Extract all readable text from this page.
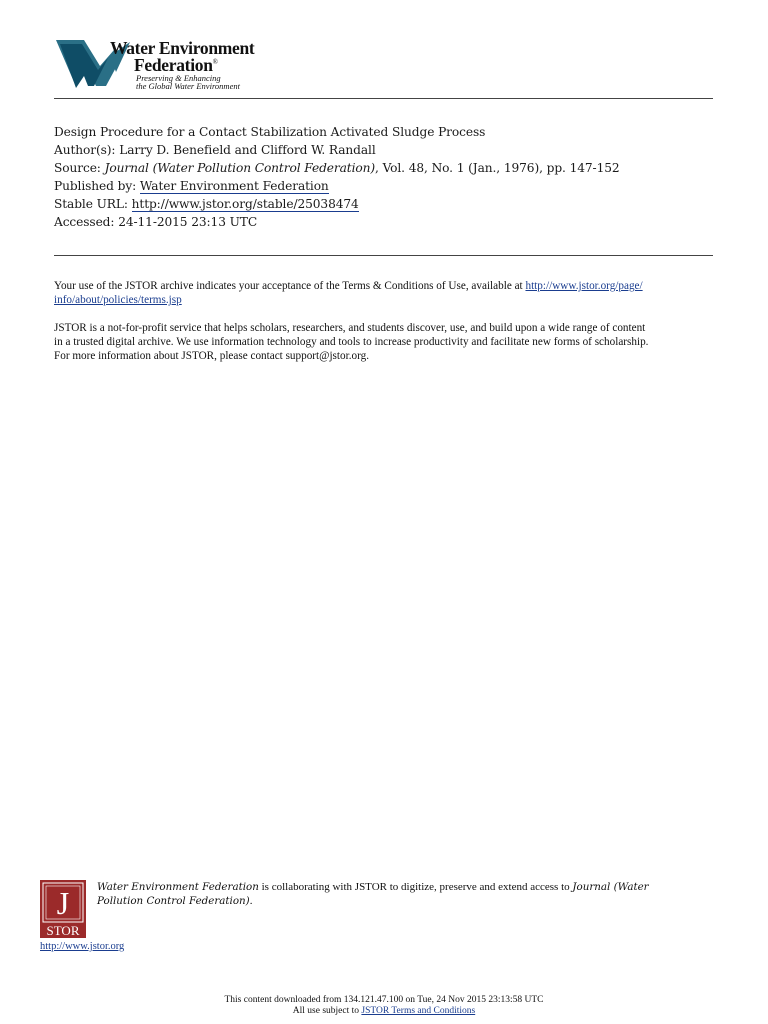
Water Environment
Federation®
Preserving & Enhancing
the Global Water Environment
Design Procedure for a Contact Stabilization Activated Sludge Process
Author(s): Larry D. Benefield and Clifford W. Randall
Source: Journal (Water Pollution Control Federation), Vol. 48, No. 1 (Jan., 1976), pp. 147-152
Published by: Water Environment Federation
Stable URL: http://www.jstor.org/stable/25038474
Accessed: 24-11-2015 23:13 UTC
Your use of the JSTOR archive indicates your acceptance of the Terms & Conditions of Use, available at http://www.jstor.org/page/
info/about/policies/terms.jsp
JSTOR is a not-for-profit service that helps scholars, researchers, and students discover, use, and build upon a wide range of content
in a trusted digital archive. We use information technology and tools to increase productivity and facilitate new forms of scholarship.
For more information about JSTOR, please contact support@jstor.org.
J
STOR
http://www.jstor.org
Water Environment Federation is collaborating with JSTOR to digitize, preserve and extend access to Journal (Water
Pollution Control Federation).
This content downloaded from 134.121.47.100 on Tue, 24 Nov 2015 23:13:58 UTC
All use subject to JSTOR Terms and Conditions
